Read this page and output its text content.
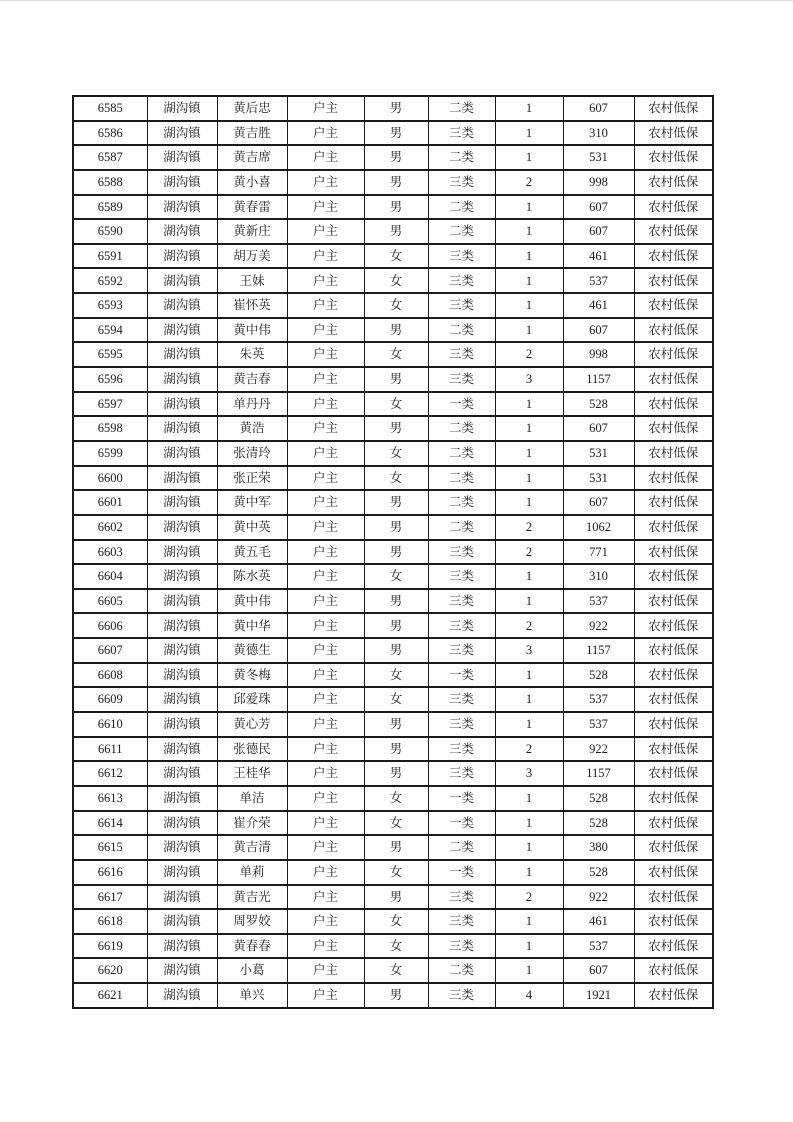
6585	湖沟镇	黄后忠	户主	男	二类	1	607	农村低保
6586	湖沟镇	黄吉胜	户主	男	三类	1	310	农村低保
6587	湖沟镇	黄吉席	户主	男	二类	1	531	农村低保
6588	湖沟镇	黄小喜	户主	男	三类	2	998	农村低保
6589	湖沟镇	黄春雷	户主	男	二类	1	607	农村低保
6590	湖沟镇	黄新庄	户主	男	二类	1	607	农村低保
6591	湖沟镇	胡万美	户主	女	三类	1	461	农村低保
6592	湖沟镇	王妹	户主	女	三类	1	537	农村低保
6593	湖沟镇	崔怀英	户主	女	三类	1	461	农村低保
6594	湖沟镇	黄中伟	户主	男	二类	1	607	农村低保
6595	湖沟镇	朱英	户主	女	三类	2	998	农村低保
6596	湖沟镇	黄吉春	户主	男	三类	3	1157	农村低保
6597	湖沟镇	单丹丹	户主	女	一类	1	528	农村低保
6598	湖沟镇	黄浩	户主	男	二类	1	607	农村低保
6599	湖沟镇	张清玲	户主	女	二类	1	531	农村低保
6600	湖沟镇	张正荣	户主	女	二类	1	531	农村低保
6601	湖沟镇	黄中军	户主	男	二类	1	607	农村低保
6602	湖沟镇	黄中英	户主	男	二类	2	1062	农村低保
6603	湖沟镇	黄五毛	户主	男	三类	2	771	农村低保
6604	湖沟镇	陈水英	户主	女	三类	1	310	农村低保
6605	湖沟镇	黄中伟	户主	男	三类	1	537	农村低保
6606	湖沟镇	黄中华	户主	男	三类	2	922	农村低保
6607	湖沟镇	黄德生	户主	男	三类	3	1157	农村低保
6608	湖沟镇	黄冬梅	户主	女	一类	1	528	农村低保
6609	湖沟镇	邱爱珠	户主	女	三类	1	537	农村低保
6610	湖沟镇	黄心芳	户主	男	三类	1	537	农村低保
6611	湖沟镇	张德民	户主	男	三类	2	922	农村低保
6612	湖沟镇	王桂华	户主	男	三类	3	1157	农村低保
6613	湖沟镇	单洁	户主	女	一类	1	528	农村低保
6614	湖沟镇	崔介荣	户主	女	一类	1	528	农村低保
6615	湖沟镇	黄吉清	户主	男	二类	1	380	农村低保
6616	湖沟镇	单莉	户主	女	一类	1	528	农村低保
6617	湖沟镇	黄吉光	户主	男	三类	2	922	农村低保
6618	湖沟镇	周罗姣	户主	女	三类	1	461	农村低保
6619	湖沟镇	黄春春	户主	女	三类	1	537	农村低保
6620	湖沟镇	小葛	户主	女	二类	1	607	农村低保
6621	湖沟镇	单兴	户主	男	三类	4	1921	农村低保
